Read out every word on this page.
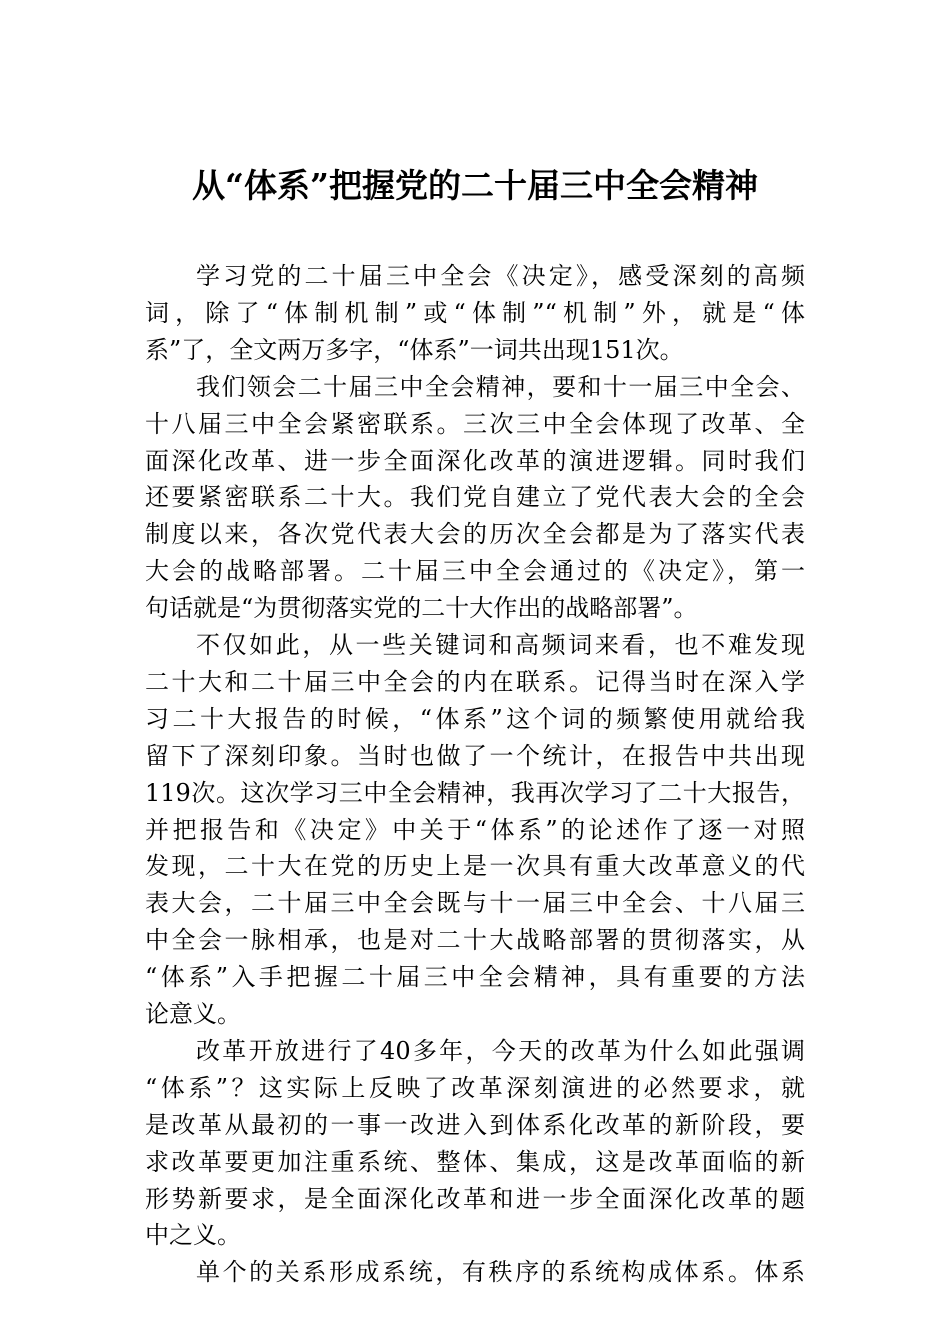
从“体系”把握党的二十届三中全会精神
学习党的二十届三中全会《决定》，感受深刻的高频
词，除了“体制机制”或“体制”“机制”外，就是“体
系”了，全文两万多字，“体系”一词共出现151次。
我们领会二十届三中全会精神，要和十一届三中全会、
十八届三中全会紧密联系。三次三中全会体现了改革、全
面深化改革、进一步全面深化改革的演进逻辑。同时我们
还要紧密联系二十大。我们党自建立了党代表大会的全会
制度以来，各次党代表大会的历次全会都是为了落实代表
大会的战略部署。二十届三中全会通过的《决定》，第一
句话就是“为贯彻落实党的二十大作出的战略部署”。
不仅如此，从一些关键词和高频词来看，也不难发现
二十大和二十届三中全会的内在联系。记得当时在深入学
习二十大报告的时候，“体系”这个词的频繁使用就给我
留下了深刻印象。当时也做了一个统计，在报告中共出现
119次。这次学习三中全会精神，我再次学习了二十大报告，
并把报告和《决定》中关于“体系”的论述作了逐一对照
发现，二十大在党的历史上是一次具有重大改革意义的代
表大会，二十届三中全会既与十一届三中全会、十八届三
中全会一脉相承，也是对二十大战略部署的贯彻落实，从
“体系”入手把握二十届三中全会精神，具有重要的方法
论意义。
改革开放进行了40多年，今天的改革为什么如此强调
“体系”？这实际上反映了改革深刻演进的必然要求，就
是改革从最初的一事一改进入到体系化改革的新阶段，要
求改革要更加注重系统、整体、集成，这是改革面临的新
形势新要求，是全面深化改革和进一步全面深化改革的题
中之义。
单个的关系形成系统，有秩序的系统构成体系。体系
